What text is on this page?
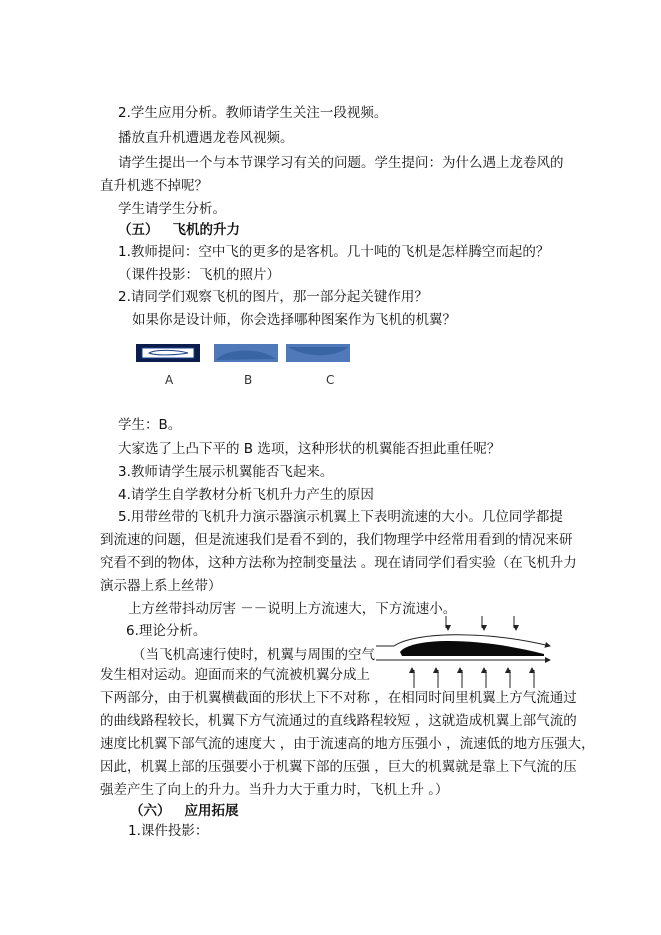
2.学生应用分析。教师请学生关注一段视频。
播放直升机遭遇龙卷风视频。
请学生提出一个与本节课学习有关的问题。学生提问：为什么遇上龙卷风的
直升机逃不掉呢？
学生请学生分析。
（五） 飞机的升力
1.教师提问：空中飞的更多的是客机。几十吨的飞机是怎样腾空而起的？
（课件投影：飞机的照片）
2.请同学们观察飞机的图片，那一部分起关键作用？
如果你是设计师，你会选择哪种图案作为飞机的机翼？
A	B	C
学生：B。
大家选了上凸下平的 B 选项，这种形状的机翼能否担此重任呢？
3.教师请学生展示机翼能否飞起来。
4.请学生自学教材分析飞机升力产生的原因
5.用带丝带的飞机升力演示器演示机翼上下表明流速的大小。几位同学都提
到流速的问题，但是流速我们是看不到的，我们物理学中经常用看到的情况来研
究看不到的物体，这种方法称为控制变量法 。现在请同学们看实验（在飞机升力
演示器上系上丝带）
上方丝带抖动厉害 －－说明上方流速大，下方流速小。
6.理论分析。
（当飞机高速行使时，机翼与周围的空气
发生相对运动。迎面而来的气流被机翼分成上
下两部分，由于机翼横截面的形状上下不对称 ，在相同时间里机翼上方气流通过
的曲线路程较长，机翼下方气流通过的直线路程较短 ，这就造成机翼上部气流的
速度比机翼下部气流的速度大 ，由于流速高的地方压强小 ，流速低的地方压强大，
因此，机翼上部的压强要小于机翼下部的压强 ，巨大的机翼就是靠上下气流的压
强差产生了向上的升力。当升力大于重力时，飞机上升 。）
（六） 应用拓展
1.课件投影：
